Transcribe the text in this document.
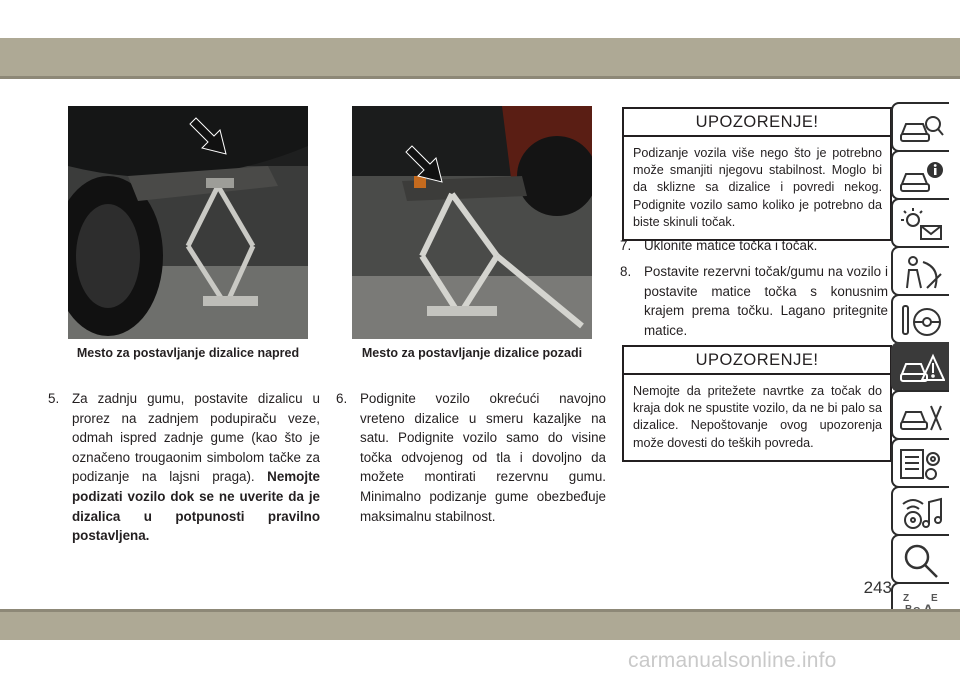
Mesto za postavljanje dizalice napred	Mesto za postavljanje dizalice pozadi
5. Za zadnju gumu, postavite dizalicu u prorez na zadnjem podupiraču veze, odmah ispred zadnje gume (kao što je označeno trougaonim simbolom tačke za podizanje na lajsni praga). Nemojte podizati vozilo dok se ne uverite da je dizalica u potpunosti pravilno postavljena.
6. Podignite vozilo okrećući navojno vreteno dizalice u smeru kazaljke na satu. Podignite vozilo samo do visine točka odvojenog od tla i dovoljno da možete montirati rezervnu gumu. Minimalno podizanje gume obezbeđuje maksimalnu stabilnost.
UPOZORENJE!
Podizanje vozila više nego što je potrebno može smanjiti njegovu stabilnost. Moglo bi da sklizne sa dizalice i povredi nekog. Podignite vozilo samo koliko je potrebno da biste skinuli točak.
7. Uklonite matice točka i točak.
8. Postavite rezervni točak/gumu na vozilo i postavite matice točka s konusnim krajem prema točku. Lagano pritegnite matice.
UPOZORENJE!
Nemojte da pritežete navrtke za točak do kraja dok ne spustite vozilo, da ne bi palo sa dizalice. Nepoštovanje ovog upozorenja može dovesti do teških povreda.
Z E
243
carmanualsonline.info
